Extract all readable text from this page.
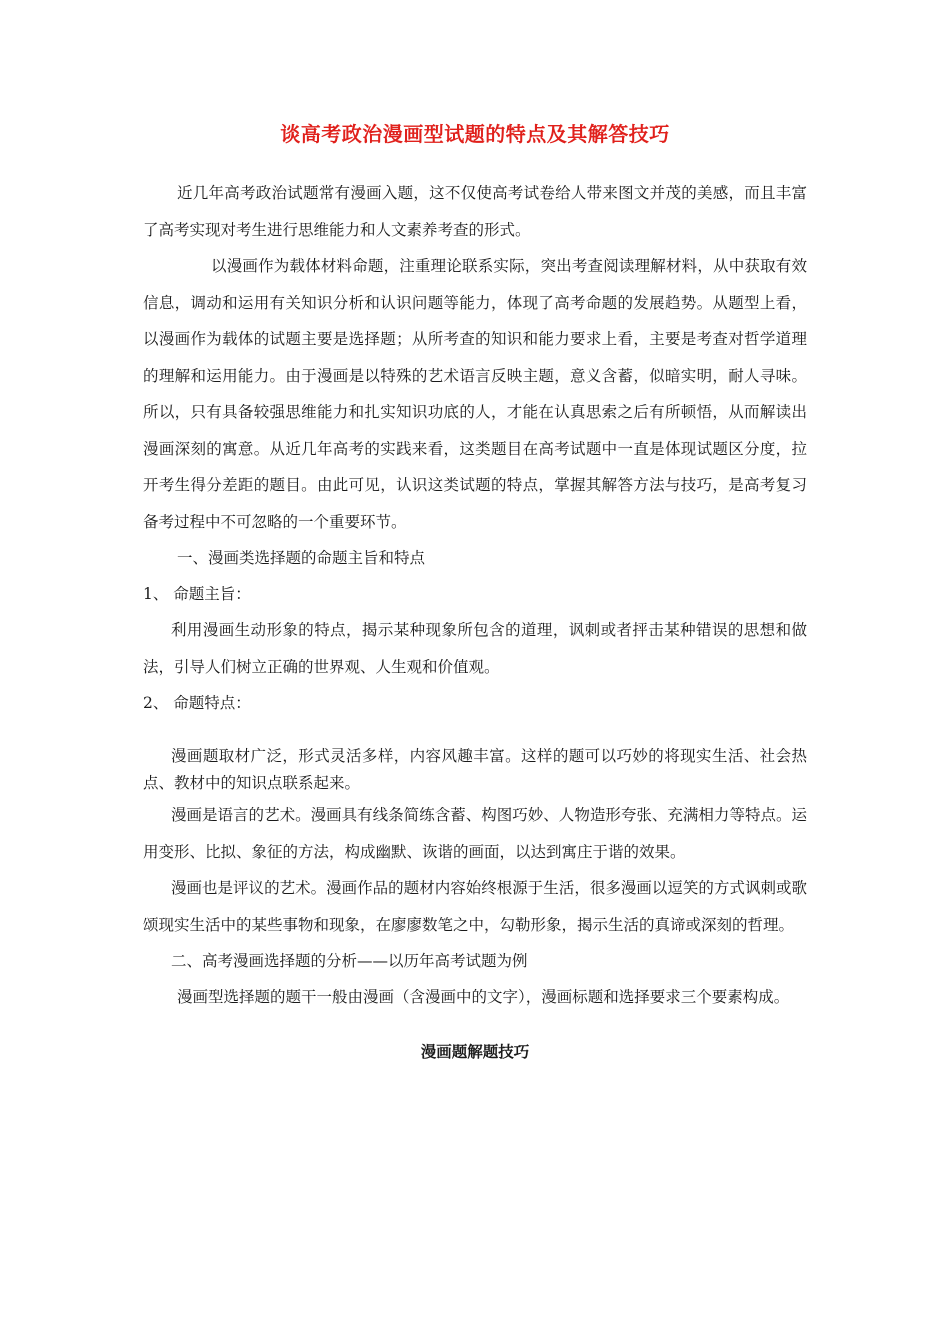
谈高考政治漫画型试题的特点及其解答技巧

近几年高考政治试题常有漫画入题，这不仅使高考试卷给人带来图文并茂的美感，而且丰富了高考实现对考生进行思维能力和人文素养考查的形式。

以漫画作为载体材料命题，注重理论联系实际，突出考查阅读理解材料，从中获取有效信息，调动和运用有关知识分析和认识问题等能力，体现了高考命题的发展趋势。从题型上看，以漫画作为载体的试题主要是选择题；从所考查的知识和能力要求上看，主要是考查对哲学道理的理解和运用能力。由于漫画是以特殊的艺术语言反映主题，意义含蓄，似暗实明，耐人寻味。所以，只有具备较强思维能力和扎实知识功底的人，才能在认真思索之后有所顿悟，从而解读出漫画深刻的寓意。从近几年高考的实践来看，这类题目在高考试题中一直是体现试题区分度，拉开考生得分差距的题目。由此可见，认识这类试题的特点，掌握其解答方法与技巧，是高考复习备考过程中不可忽略的一个重要环节。

一、漫画类选择题的命题主旨和特点

1、 命题主旨：

利用漫画生动形象的特点，揭示某种现象所包含的道理，讽刺或者抨击某种错误的思想和做法，引导人们树立正确的世界观、人生观和价值观。

2、 命题特点：

漫画题取材广泛，形式灵活多样，内容风趣丰富。这样的题可以巧妙的将现实生活、社会热点、教材中的知识点联系起来。

漫画是语言的艺术。漫画具有线条简练含蓄、构图巧妙、人物造形夸张、充满相力等特点。运用变形、比拟、象征的方法，构成幽默、诙谐的画面，以达到寓庄于谐的效果。

漫画也是评议的艺术。漫画作品的题材内容始终根源于生活，很多漫画以逗笑的方式讽刺或歌颂现实生活中的某些事物和现象，在廖廖数笔之中，勾勒形象，揭示生活的真谛或深刻的哲理。

二、高考漫画选择题的分析——以历年高考试题为例

漫画型选择题的题干一般由漫画（含漫画中的文字），漫画标题和选择要求三个要素构成。

漫画题解题技巧
